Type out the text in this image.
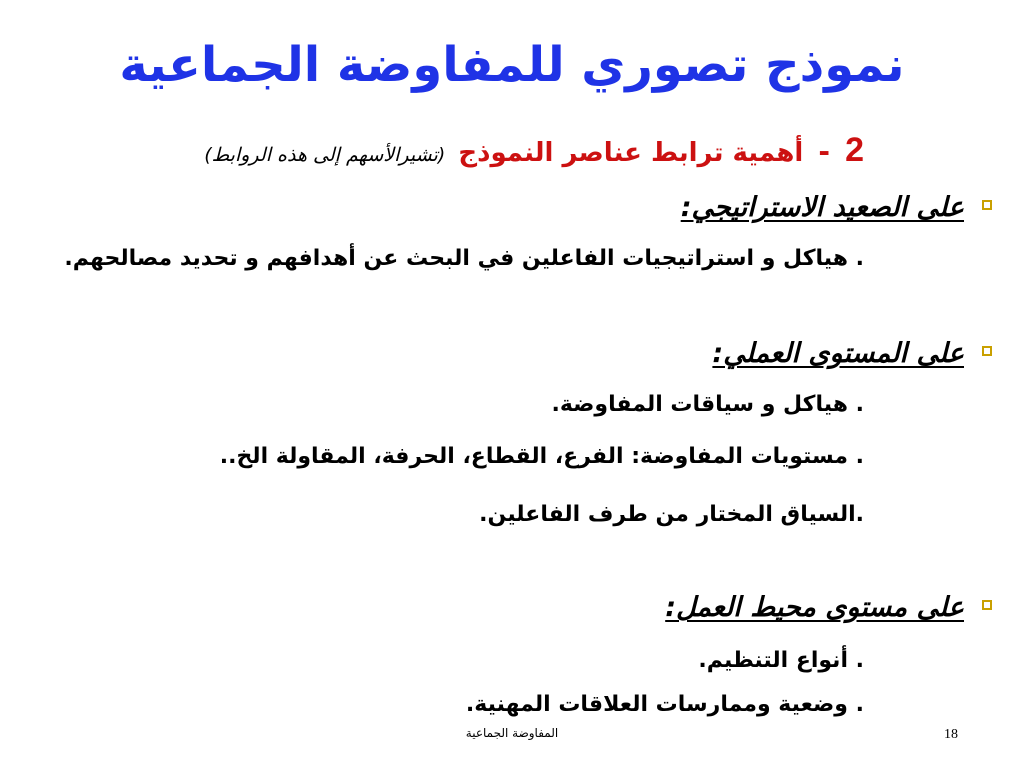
نموذج تصوري للمفاوضة الجماعية
2 - أهمية ترابط عناصر النموذج (تشيرالأسهم إلى هذه الروابط)
على الصعيد الاستراتيجي:
. هياكل و استراتيجيات الفاعلين في البحث عن أهدافهم و تحديد مصالحهم.
على المستوى العملي:
. هياكل و سياقات المفاوضة.
. مستويات المفاوضة: الفرع، القطاع، الحرفة، المقاولة الخ..
.السياق المختار من طرف الفاعلين.
على مستوى محيط العمل:
. أنواع التنظيم.
. وضعية وممارسات العلاقات المهنية.
المفاوضة الجماعية	18
